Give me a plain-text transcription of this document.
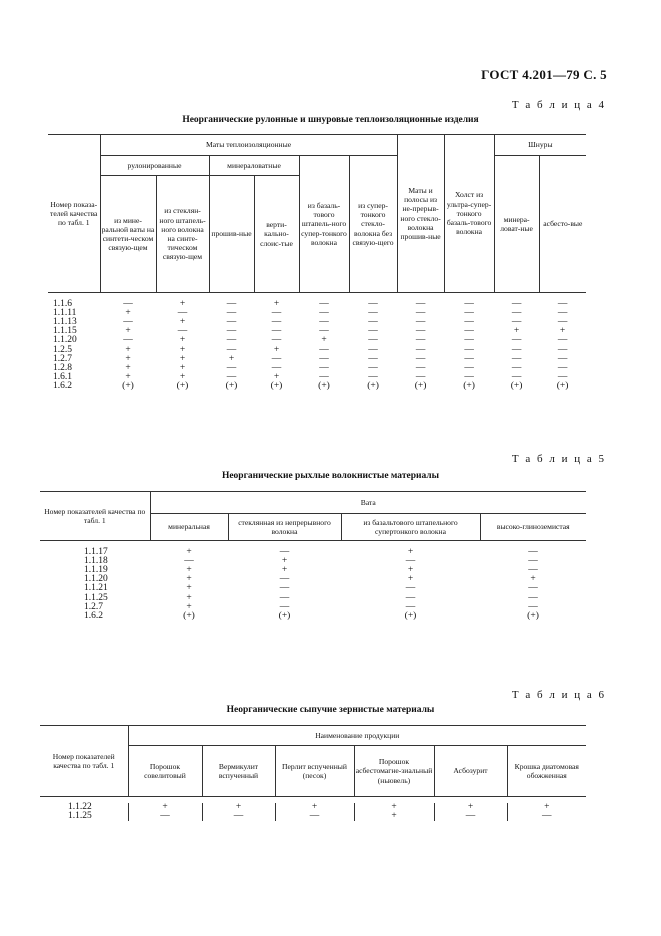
ГОСТ 4.201—79 С. 5
Т а б л и ц а 4
Неорганические рулонные и шнуровые теплоизоляционные изделия
Номер показа-телей качества по табл. 1	Маты теплоизоляционные						Маты и полосы из не-прерыв-ного стекло-волокна прошив-ные	Холст из ультра-супер-тонкого базаль-тового волокна	Шнуры	
	рулонированные		минераловатные		из базаль-тового штапель-ного супер-тонкого волокна	из супер-тонкого стекло-волокна без связую-щего			минера-ловат-ные	асбесто-вые
	из мине-ральной ваты на синтети-ческом связую-щем	из стеклян-ного штапель-ного волокна на синте-тическом связую-щем	прошив-ные	верти-кально-слоис-тые						

1.1.6	—	+	—	+	—	—	—	—	—	—
1.1.11	+	—	—	—	—	—	—	—	—	—
1.1.13	—	+	—	—	—	—	—	—	—	—
1.1.15	+	—	—	—	—	—	—	—	+	+
1.1.20	—	+	—	—	+	—	—	—	—	—
1.2.5	+	+	—	+	—	—	—	—	—	—
1.2.7	+	+	+	—	—	—	—	—	—	—
1.2.8	+	+	—	—	—	—	—	—	—	—
1.6.1	+	+	—	+	—	—	—	—	—	—
1.6.2	(+)	(+)	(+)	(+)	(+)	(+)	(+)	(+)	(+)	(+)
Т а б л и ц а 5
Неорганические рыхлые волокнистые материалы
Номер показателей качества по табл. 1	Вата			
	минеральная	стеклянная из непрерывного волокна	из базальтового штапельного супертонкого волокна	высоко-глиноземистая

1.1.17	+	—	+	—
1.1.18	—	+	—	—
1.1.19	+	+	+	—
1.1.20	+	—	+	+
1.1.21	+	—	—	—
1.1.25	+	—	—	—
1.2.7	+	—	—	—
1.6.2	(+)	(+)	(+)	(+)
Т а б л и ц а 6
Неорганические сыпучие зернистые материалы
Номер показателей качества по табл. 1	Наименование продукции					
	Порошок совелитовый	Вермикулит вспученный	Перлит вспученный (песок)	Порошок асбестомагне-зиальный (ньювель)	Асбозурит	Крошка диатомовая обожженная

1.1.22	+	+	+	+	+	+
1.1.25	—	—	—	+	—	—
